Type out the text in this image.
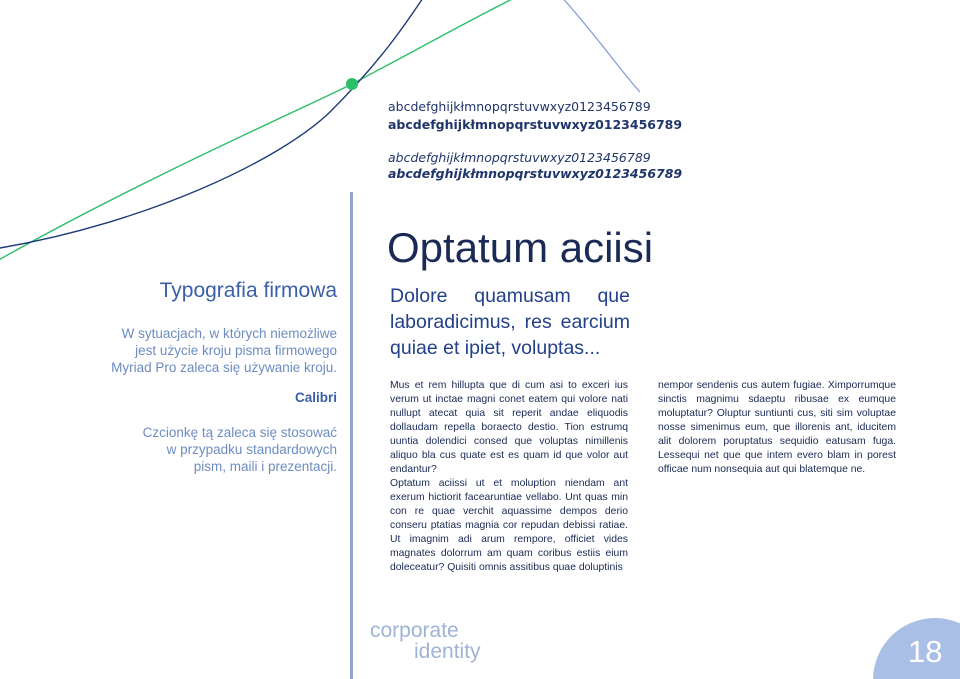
abcdefghijkłmnopqrstuvwxyz0123456789
abcdefghijkłmnopqrstuvwxyz0123456789
abcdefghijkłmnopqrstuvwxyz0123456789
abcdefghijkłmnopqrstuvwxyz0123456789
Typografia firmowa
W sytuacjach, w których niemożliwe
jest użycie kroju pisma firmowego
Myriad Pro zaleca się używanie kroju.
Calibri
Czcionkę tą zaleca się stosować
w przypadku standardowych
pism, maili i prezentacji.
Optatum aciisi
Dolore quamusam que laboradicimus, res earcium quiae et ipiet, voluptas...

Mus et rem hillupta que di cum asi to exceri ius verum ut inctae magni conet eatem qui volore nati nullupt atecat quia sit reperit andae eliquodis dollaudam repella boraecto destio. Tion estrumq uuntia dolendici consed que voluptas nimillenis aliquo bla cus quate est es quam id que volor aut endantur?

Optatum aciissi ut et moluption niendam ant exerum hictiorit facearuntiae vellabo. Unt quas min con re quae verchit aquassime dempos derio conseru ptatias magnia cor repudan debissi ratiae. Ut imagnim adi arum rempore, officiet vides magnates dolorrum am quam coribus estiis eium doleceatur? Quisiti omnis assitibus quae doluptinis

nempor sendenis cus autem fugiae. Ximporrumque sinctis magnimu sdaeptu ribusae ex eumque moluptatur? Oluptur suntiunti cus, siti sim voluptae nosse simenimus eum, que illorenis ant, iducitem alit dolorem poruptatus sequidio eatusam fuga. Lessequi net que que intem evero blam in porest officae num nonsequia aut qui blatemque ne.

corporate
identity	18
